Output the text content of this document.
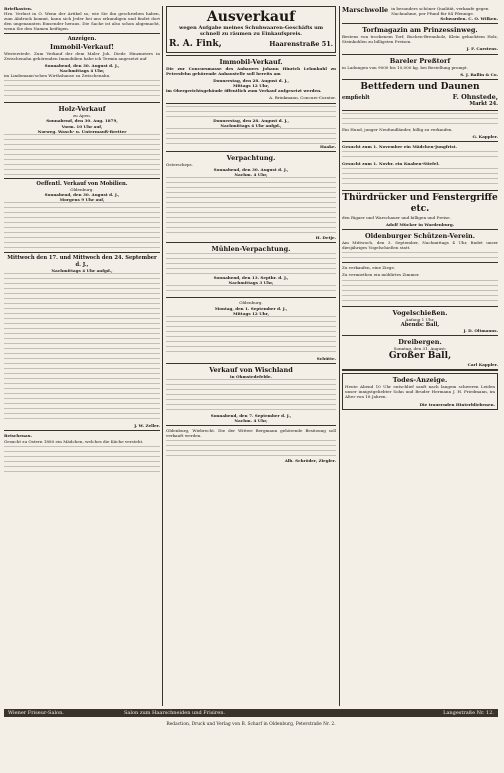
Briefkasten.

Hrn. Verlust in O. Wenn der Artikel so, wie Sie ihn geschrieben haben, zum Abdruck kommt, kann sich Jeder bei uns erkundigen und findet dort den ungenannten Einsender heraus. Die Sache ist also schon abgemacht, wenn Sie den Namen beifügen.

Anzeigen.
Immobil-Verkauf!

Westerstede. Zum Verkauf der dem Maler Joh. Diedr. Hinzmeiers in Zwischenahn gehörenden Immobilien habe ich Termin angesetzt auf

Sonnabend, den 30. August d. J.,
Nachmittags 4 Uhr,

im Lindemann'schen Wirthshause zu Zwischenahn.

Holz-Verkauf
zu Apen.
Sonnabend, den 30. Aug. 1879,
Vorm. 10 Uhr auf,
Norweg. Wasch- u. Untermauß-Bretter
Oeffentl. Verkauf von Mobilien.
Oldenburg.
Sonnabend, den 30. August d. J.,
Morgens 9 Uhr auf,
Mittwoch den 17. und Mittwoch den 24. September d. J.,
Nachmittags 4 Uhr anfgd.,
J. W. Zeller.
Beischenau.

Gesucht zu Ostern 1880 ein Mädchen, welches die Küche versteht.

Ausverkauf
wegen Aufgabe meines Schuhwaaren-Geschäfts um schnell zu räumen zu Einkaufspreis.
R. A. Fink,	Haarenstraße 51.
Immobil-Verkauf.

Die zur Concursmasse des Anbauers Johann Hinrich Lehmkuhl zu Petersfehn gehörende Anbaustelle soll bereits am

Donnerstag, den 28. August d. J.,
Mittags 12 Uhr,

im Obergerichtsgebäude öffentlich zum Verkauf aufgesetzt werden.

A. Brinkmann, Concurs-Curator.
Donnerstag, den 28. August d. J.,
Nachmittags 4 Uhr anfgd.,
Haake.
Verpachtung.
Osterscheps.
Sonnabend, den 30. August d. J.,
Nachm. 4 Uhr,
H. Detje.
Mühlen-Verpachtung.
Sonnabend, den 13. Septbr. d. J.,
Nachmittags 3 Uhr,
Oldenburg.
Montag, den 1. September d. J.,
Mittags 12 Uhr,
Schütte.
Verkauf von Wischland
in Ohmstedefelde.
Sonnabend, den 7. September d. J.,
Nachm. 4 Uhr,

Oldenburg, Wiebrecht. Die der Wittwe Bergmann gehörende Besitzung soll verkauft werden.

Alb. Schröder, Ziegler.
Marschwolle in besonders schöner Qualität, verkaufe gegen Nachnahme, per Pfund für 84 Pfennige.
Schwarden. C. O. Wilken.
Torfmagazin am Prinzessinweg.

Bestens von trockenem Torf, Buchen-Brennholz, Klein gehacktem Holz, Steinkohlen zu billigsten Preisen.

J. F. Carstens.
Bareler Preßtorf

in Ladungen von 9000 bis 10,000 kg. bei Bestellung prompt.

S. J. Ballin & Co.
Bettfedern und Daunen
empfiehlt	F. Ohnstede,
Markt 24.

Ein Hund, junger Neufundländer, billig zu verkaufen.

G. Kappler.

Gesucht zum 1. November ein Mädchen-Jungfrist.

Gesucht zum 1. Novbr. ein Knaben-Stiefel.

Thürdrücker und Fenstergriffe etc.

den Rigaer und Warschauer und billigen und Preise.

Adolf Mücker in Wardenburg.
Oldenburger Schützen-Verein.

Am Mittwoch, den 3. September, Nachmittags 4 Uhr, findet unser diesjähriges Vogelschießen statt.

Zu verkaufen, eine Ziege.

Zu vermiethen ein möblirtes Zimmer.

Vogelschießen.
Anfang 1 Uhr.
Abends: Ball,
J. D. Oltmanns.
Dreibergen.
Sonntag, den 31. August:
Großer Ball,
Carl Kappler.
Todes-Anzeige.

Heute Abend 10 Uhr entschlief sanft nach langem schweren Leiden unser innigstgeliebter Sohn und Bruder Hermann J. H. Friedmann, im Alter von 18 Jahren.

Die trauernden Hinterbliebenen.
Wiener Friseur-Salon.	Salon zum Haarschneiden und Frisiren.	Langestraße Nr. 12.
Redaction, Druck und Verlag von B. Scharf in Oldenburg, Peterstraße Nr. 2.
